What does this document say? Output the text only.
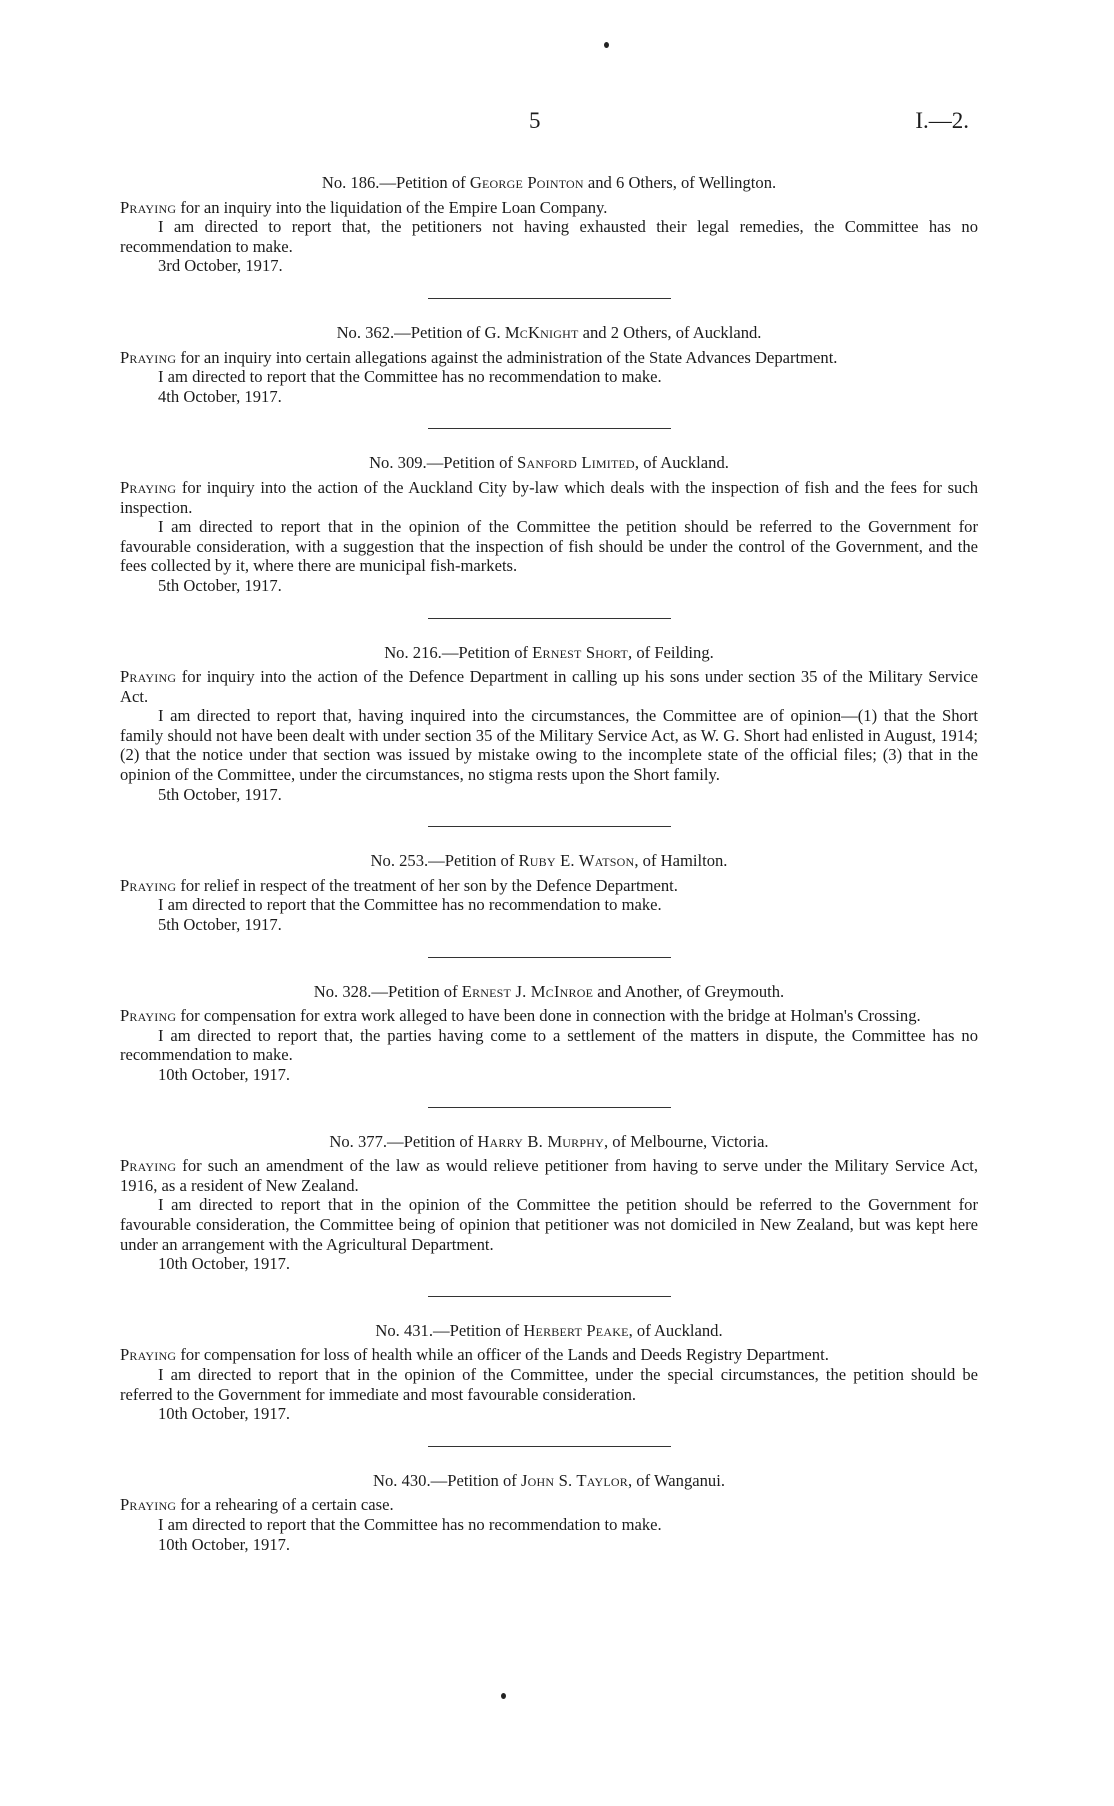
5	I.—2.

No. 186.—Petition of George Pointon and 6 Others, of Wellington.

Praying for an inquiry into the liquidation of the Empire Loan Company.

I am directed to report that, the petitioners not having exhausted their legal remedies, the Committee has no recommendation to make.

3rd October, 1917.

No. 362.—Petition of G. McKnight and 2 Others, of Auckland.

Praying for an inquiry into certain allegations against the administration of the State Advances Department.

I am directed to report that the Committee has no recommendation to make.

4th October, 1917.

No. 309.—Petition of Sanford Limited, of Auckland.

Praying for inquiry into the action of the Auckland City by-law which deals with the inspection of fish and the fees for such inspection.

I am directed to report that in the opinion of the Committee the petition should be referred to the Government for favourable consideration, with a suggestion that the inspection of fish should be under the control of the Government, and the fees collected by it, where there are municipal fish-markets.

5th October, 1917.

No. 216.—Petition of Ernest Short, of Feilding.

Praying for inquiry into the action of the Defence Department in calling up his sons under section 35 of the Military Service Act.

I am directed to report that, having inquired into the circumstances, the Committee are of opinion—(1) that the Short family should not have been dealt with under section 35 of the Military Service Act, as W. G. Short had enlisted in August, 1914; (2) that the notice under that section was issued by mistake owing to the incomplete state of the official files; (3) that in the opinion of the Committee, under the circumstances, no stigma rests upon the Short family.

5th October, 1917.

No. 253.—Petition of Ruby E. Watson, of Hamilton.

Praying for relief in respect of the treatment of her son by the Defence Department.

I am directed to report that the Committee has no recommendation to make.

5th October, 1917.

No. 328.—Petition of Ernest J. McInroe and Another, of Greymouth.

Praying for compensation for extra work alleged to have been done in connection with the bridge at Holman's Crossing.

I am directed to report that, the parties having come to a settlement of the matters in dispute, the Committee has no recommendation to make.

10th October, 1917.

No. 377.—Petition of Harry B. Murphy, of Melbourne, Victoria.

Praying for such an amendment of the law as would relieve petitioner from having to serve under the Military Service Act, 1916, as a resident of New Zealand.

I am directed to report that in the opinion of the Committee the petition should be referred to the Government for favourable consideration, the Committee being of opinion that petitioner was not domiciled in New Zealand, but was kept here under an arrangement with the Agricultural Department.

10th October, 1917.

No. 431.—Petition of Herbert Peake, of Auckland.

Praying for compensation for loss of health while an officer of the Lands and Deeds Registry Department.

I am directed to report that in the opinion of the Committee, under the special circumstances, the petition should be referred to the Government for immediate and most favourable consideration.

10th October, 1917.

No. 430.—Petition of John S. Taylor, of Wanganui.

Praying for a rehearing of a certain case.

I am directed to report that the Committee has no recommendation to make.

10th October, 1917.
